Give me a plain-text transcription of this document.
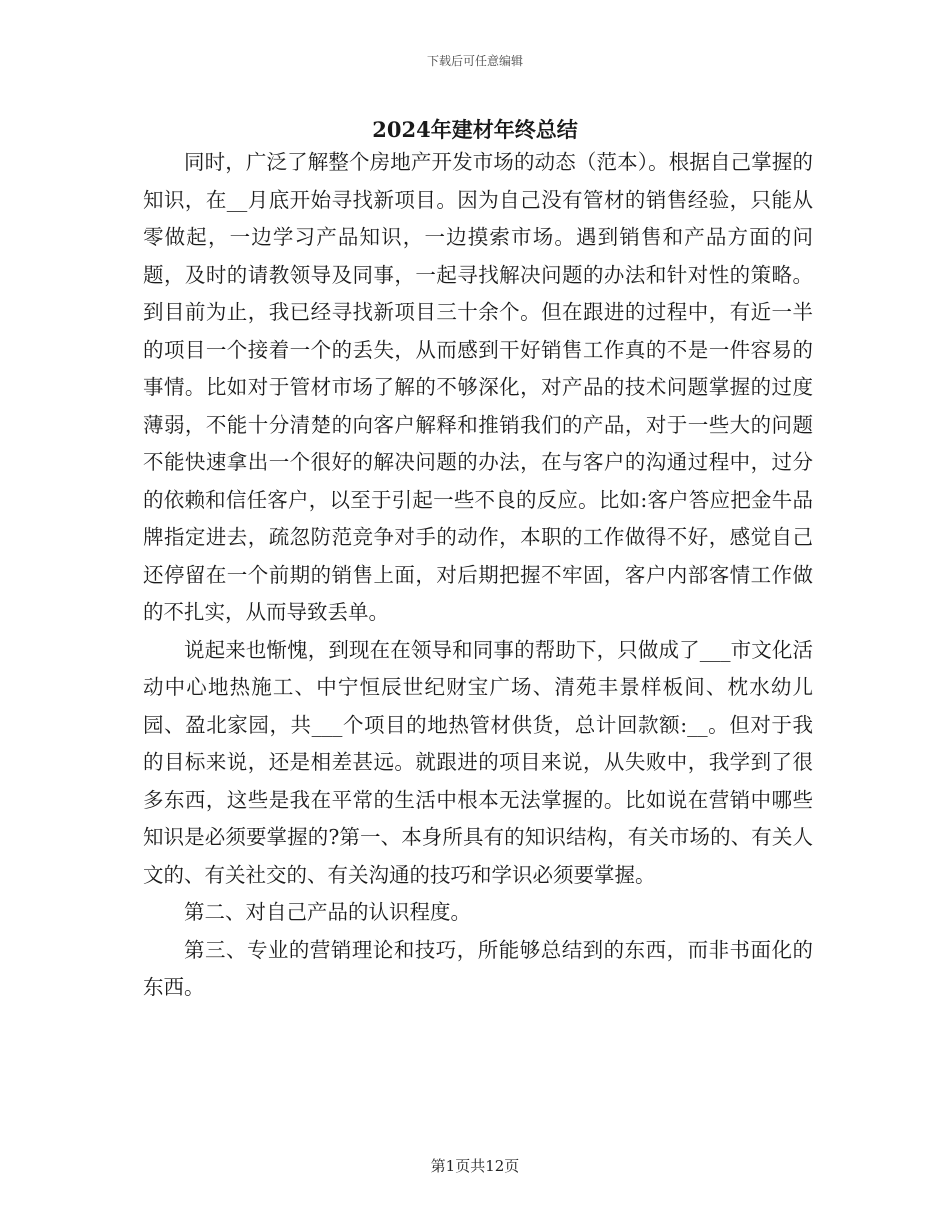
下载后可任意编辑
2024年建材年终总结

同时，广泛了解整个房地产开发市场的动态（范本）。根据自己掌握的知识，在__月底开始寻找新项目。因为自己没有管材的销售经验，只能从零做起，一边学习产品知识，一边摸索市场。遇到销售和产品方面的问题，及时的请教领导及同事，一起寻找解决问题的办法和针对性的策略。到目前为止，我已经寻找新项目三十余个。但在跟进的过程中，有近一半的项目一个接着一个的丢失，从而感到干好销售工作真的不是一件容易的事情。比如对于管材市场了解的不够深化，对产品的技术问题掌握的过度薄弱，不能十分清楚的向客户解释和推销我们的产品，对于一些大的问题不能快速拿出一个很好的解决问题的办法，在与客户的沟通过程中，过分的依赖和信任客户，以至于引起一些不良的反应。比如:客户答应把金牛品牌指定进去，疏忽防范竞争对手的动作，本职的工作做得不好，感觉自己还停留在一个前期的销售上面，对后期把握不牢固，客户内部客情工作做的不扎实，从而导致丢单。

说起来也惭愧，到现在在领导和同事的帮助下，只做成了___市文化活动中心地热施工、中宁恒辰世纪财宝广场、清苑丰景样板间、枕水幼儿园、盈北家园，共___个项目的地热管材供货，总计回款额:__。但对于我的目标来说，还是相差甚远。就跟进的项目来说，从失败中，我学到了很多东西，这些是我在平常的生活中根本无法掌握的。比如说在营销中哪些知识是必须要掌握的?第一、本身所具有的知识结构，有关市场的、有关人文的、有关社交的、有关沟通的技巧和学识必须要掌握。

第二、对自己产品的认识程度。

第三、专业的营销理论和技巧，所能够总结到的东西，而非书面化的东西。

第1页共12页
